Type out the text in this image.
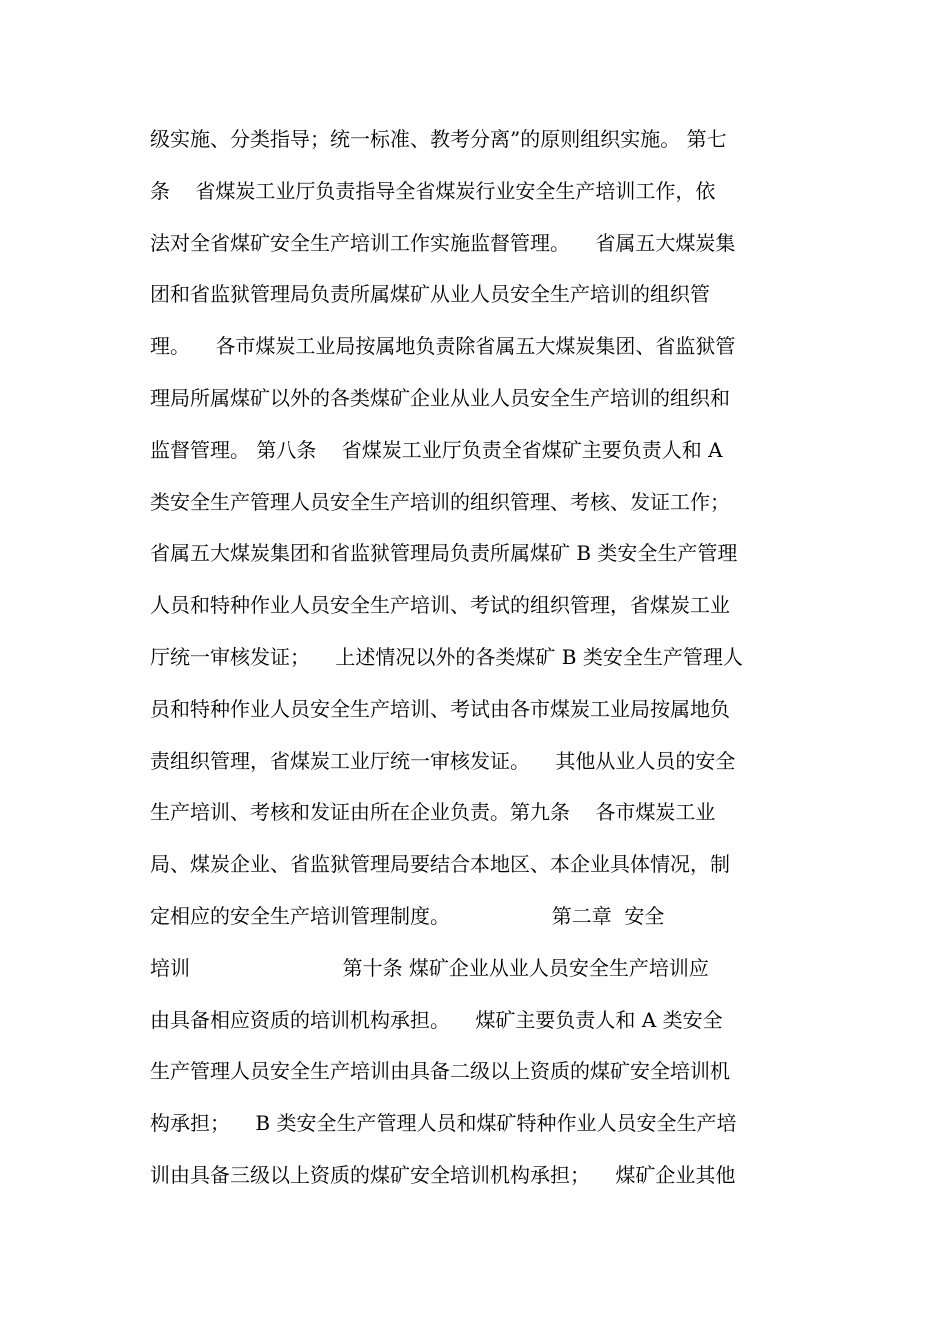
级实施、分类指导；统一标准、教考分离”的原则组织实施。 第七
条    省煤炭工业厅负责指导全省煤炭行业安全生产培训工作，依
法对全省煤矿安全生产培训工作实施监督管理。    省属五大煤炭集
团和省监狱管理局负责所属煤矿从业人员安全生产培训的组织管
理。    各市煤炭工业局按属地负责除省属五大煤炭集团、省监狱管
理局所属煤矿以外的各类煤矿企业从业人员安全生产培训的组织和
监督管理。 第八条    省煤炭工业厅负责全省煤矿主要负责人和 A
类安全生产管理人员安全生产培训的组织管理、考核、发证工作；
省属五大煤炭集团和省监狱管理局负责所属煤矿 B 类安全生产管理
人员和特种作业人员安全生产培训、考试的组织管理，省煤炭工业
厅统一审核发证；    上述情况以外的各类煤矿 B 类安全生产管理人
员和特种作业人员安全生产培训、考试由各市煤炭工业局按属地负
责组织管理，省煤炭工业厅统一审核发证。    其他从业人员的安全
生产培训、考核和发证由所在企业负责。第九条    各市煤炭工业
局、煤炭企业、省监狱管理局要结合本地区、本企业具体情况，制
定相应的安全生产培训管理制度。                第二章  安全
培训                        第十条 煤矿企业从业人员安全生产培训应
由具备相应资质的培训机构承担。    煤矿主要负责人和 A 类安全
生产管理人员安全生产培训由具备二级以上资质的煤矿安全培训机
构承担；    B 类安全生产管理人员和煤矿特种作业人员安全生产培
训由具备三级以上资质的煤矿安全培训机构承担；    煤矿企业其他
